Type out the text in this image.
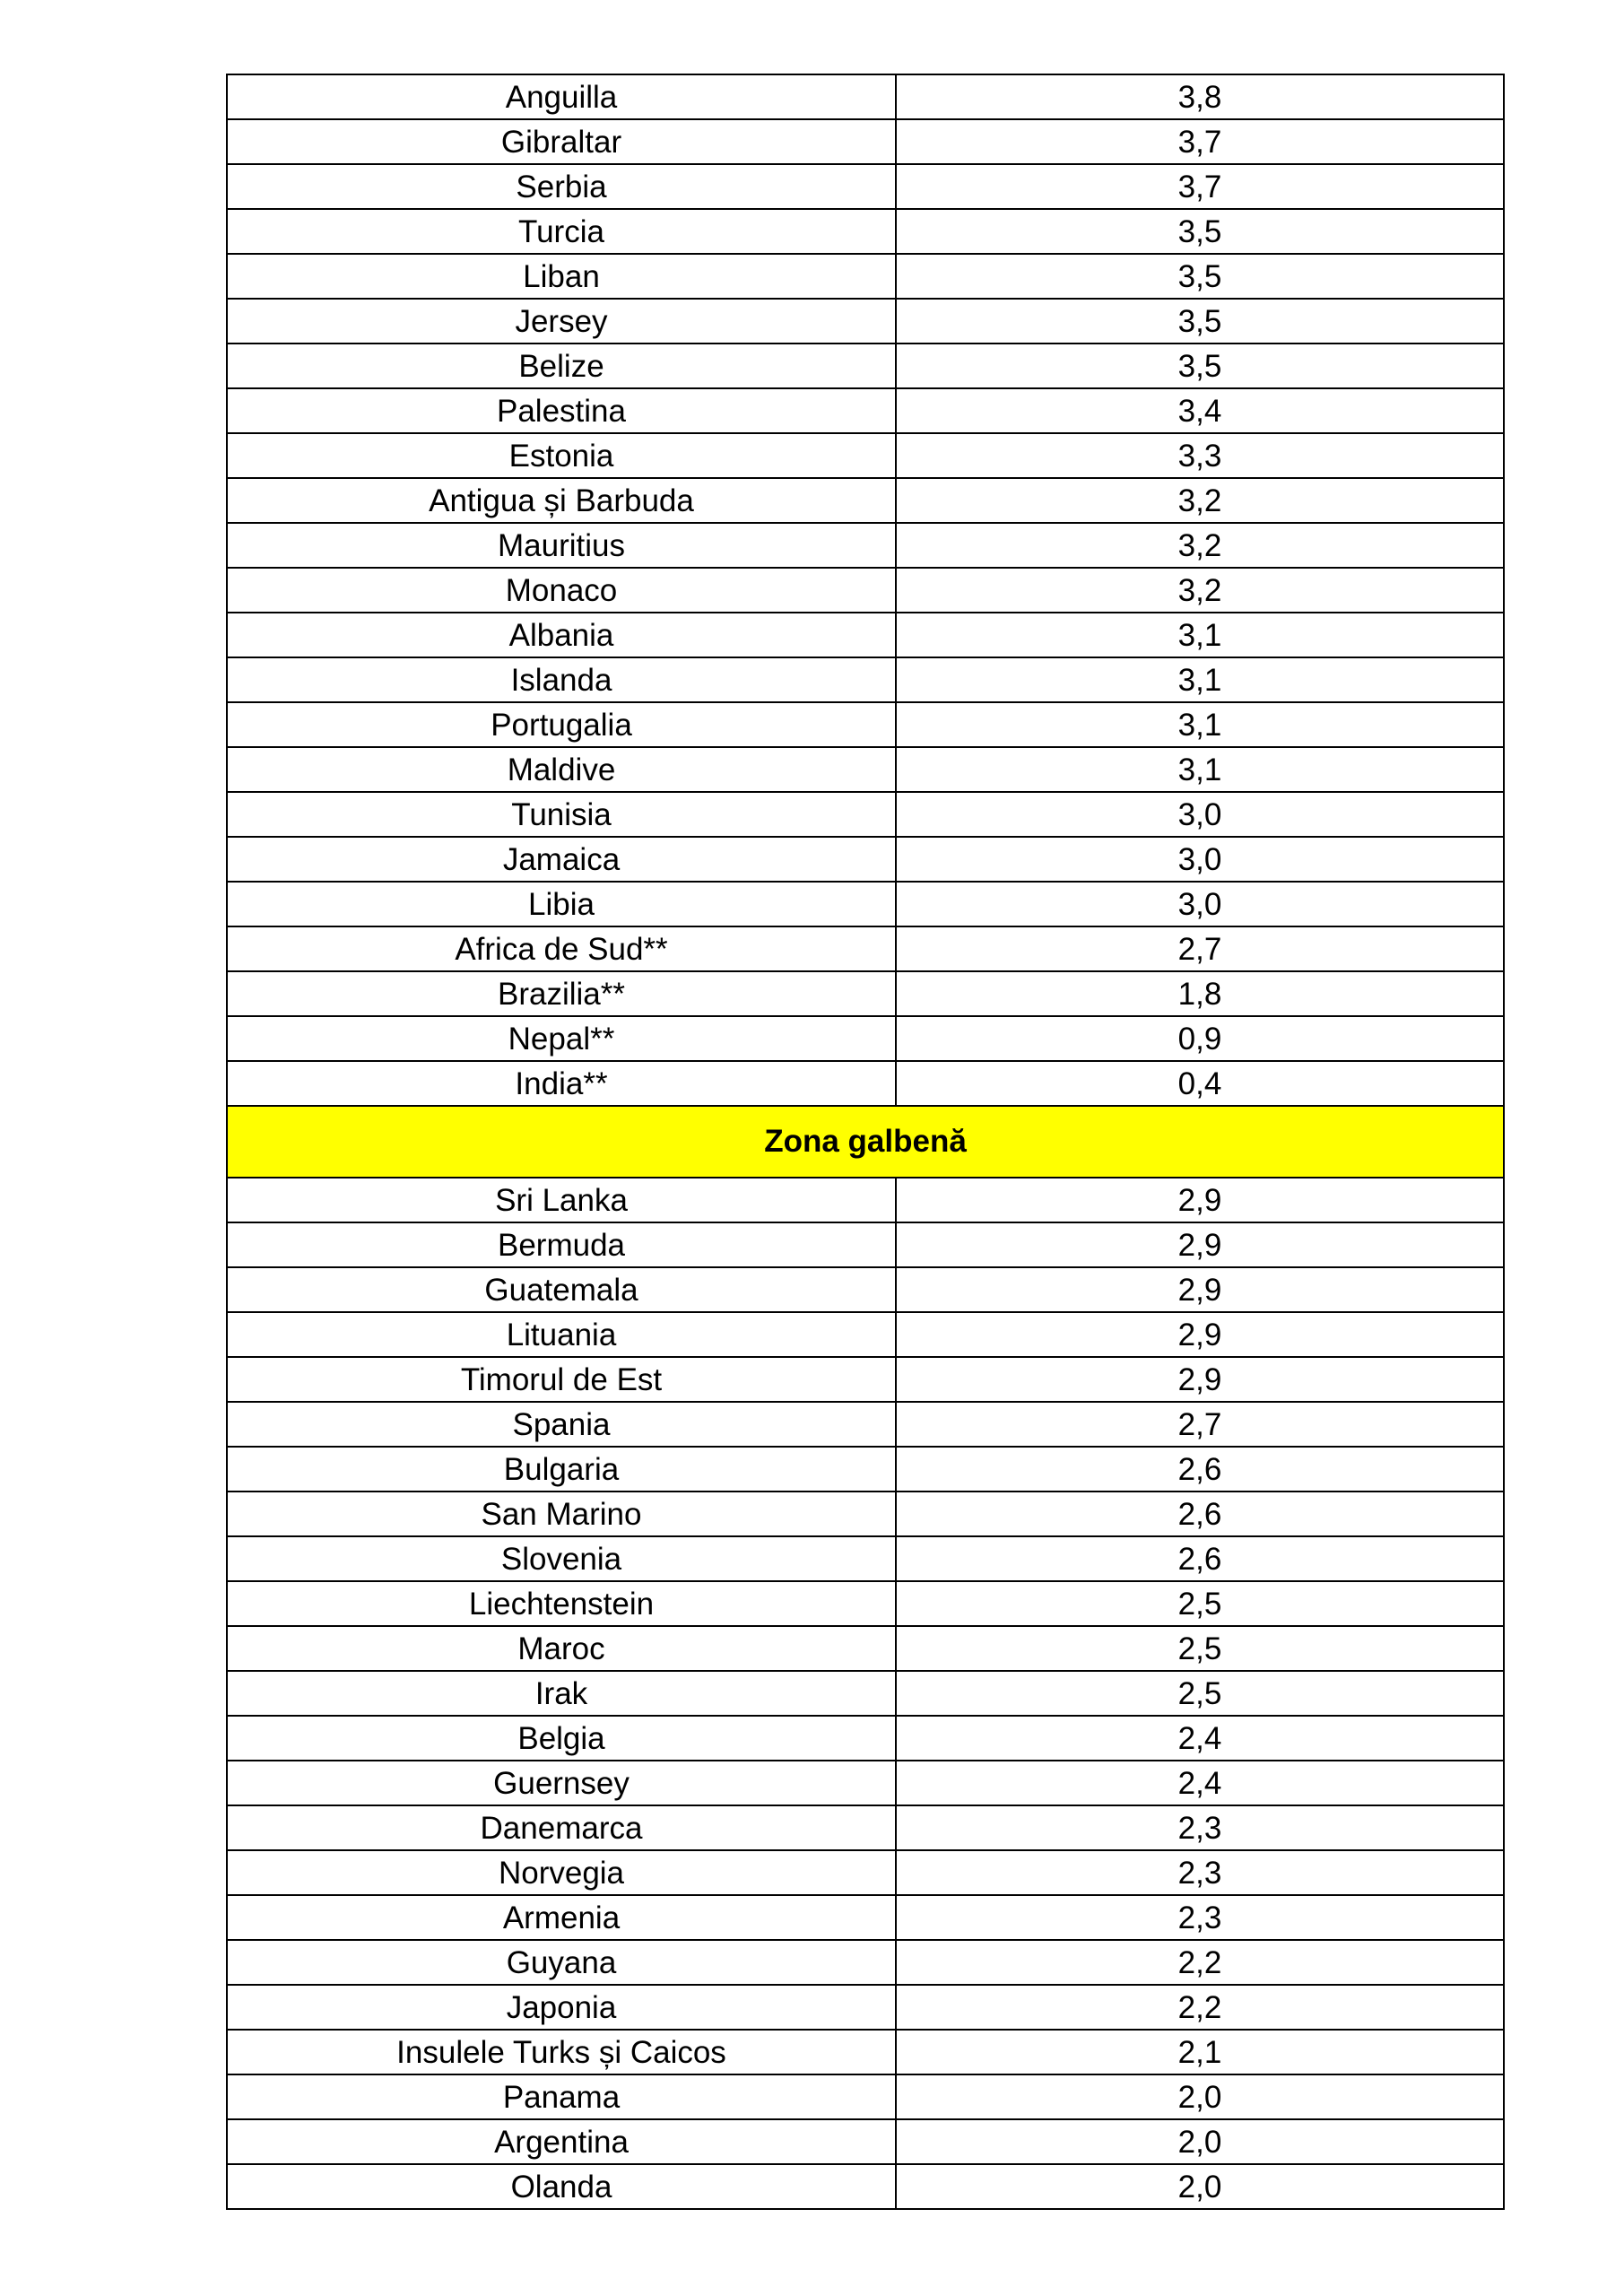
Anguilla	3,8
Gibraltar	3,7
Serbia	3,7
Turcia	3,5
Liban	3,5
Jersey	3,5
Belize	3,5
Palestina	3,4
Estonia	3,3
Antigua și Barbuda	3,2
Mauritius	3,2
Monaco	3,2
Albania	3,1
Islanda	3,1
Portugalia	3,1
Maldive	3,1
Tunisia	3,0
Jamaica	3,0
Libia	3,0
Africa de Sud**	2,7
Brazilia**	1,8
Nepal**	0,9
India**	0,4
Zona galbenă	
Sri Lanka	2,9
Bermuda	2,9
Guatemala	2,9
Lituania	2,9
Timorul de Est	2,9
Spania	2,7
Bulgaria	2,6
San Marino	2,6
Slovenia	2,6
Liechtenstein	2,5
Maroc	2,5
Irak	2,5
Belgia	2,4
Guernsey	2,4
Danemarca	2,3
Norvegia	2,3
Armenia	2,3
Guyana	2,2
Japonia	2,2
Insulele Turks și Caicos	2,1
Panama	2,0
Argentina	2,0
Olanda	2,0
